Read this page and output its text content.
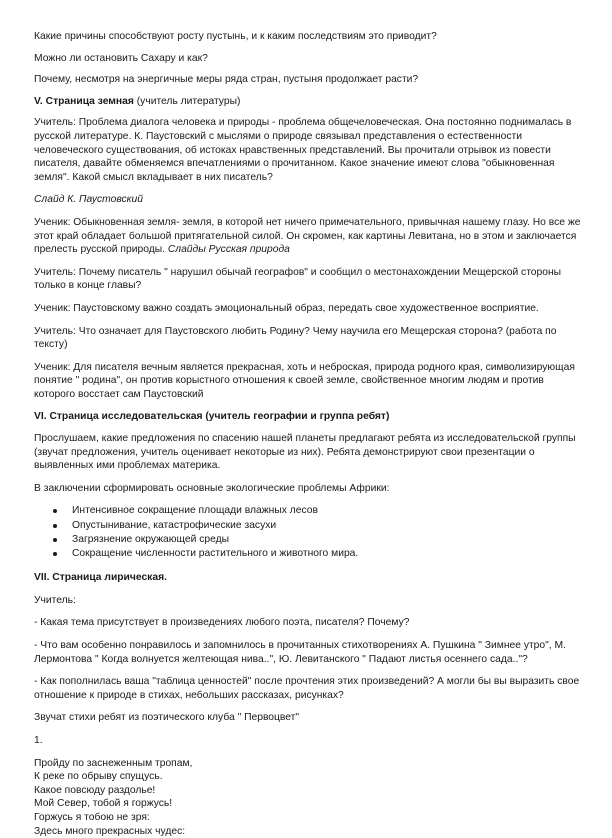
Какие причины способствуют росту пустынь, и к каким последствиям это приводит?

Можно ли остановить Сахару и как?

Почему, несмотря на энергичные меры ряда стран, пустыня продолжает расти?

V. Страница земная (учитель литературы)

Учитель: Проблема диалога человека и природы - проблема общечеловеческая. Она постоянно поднималась в русской литературе. К. Паустовский с мыслями о природе связывал представления о естественности человеческого существования, об истоках нравственных представлений. Вы прочитали отрывок из повести писателя, давайте обменяемся впечатлениями о прочитанном. Какое значение имеют слова "обыкновенная земля". Какой смысл вкладывает в них писатель?

Слайд К. Паустовский

Ученик: Обыкновенная земля- земля, в которой нет ничего примечательного, привычная нашему глазу. Но все же этот край обладает большой притягательной силой. Он скромен, как картины Левитана, но в этом и заключается прелесть русской природы. Слайды Русская природа

Учитель: Почему писатель " нарушил обычай географов" и сообщил о местонахождении Мещерской стороны только в конце главы?

Ученик: Паустовскому важно создать эмоциональный образ, передать свое художественное восприятие.

Учитель: Что означает для Паустовского любить Родину? Чему научила его Мещерская сторона? (работа по тексту)

Ученик: Для писателя вечным является прекрасная, хоть и неброская, природа родного края, символизирующая понятие " родина", он против корыстного отношения к своей земле, свойственное многим людям и против которого восстает сам Паустовский

VI. Страница исследовательская (учитель географии и группа ребят)

Прослушаем, какие предложения по спасению нашей планеты предлагают ребята из исследовательской группы (звучат предложения, учитель оценивает некоторые из них). Ребята демонстрируют свои презентации о выявленных ими проблемах материка.

В заключении сформировать основные экологические проблемы Африки:

Интенсивное сокращение площади влажных лесов
Опустынивание, катастрофические засухи
Загрязнение окружающей среды
Сокращение численности растительного и животного мира.

VII. Страница лирическая.

Учитель:

- Какая тема присутствует в произведениях любого поэта, писателя? Почему?

- Что вам особенно понравилось и запомнилось в прочитанных стихотворениях А. Пушкина " Зимнее утро", М. Лермонтова " Когда волнуется желтеющая нива..", Ю. Левитанского " Падают листья осеннего сада.."?

- Как пополнилась ваша "таблица ценностей" после прочтения этих произведений? А могли бы вы выразить свое отношение к природе в стихах, небольших рассказах, рисунках?

Звучат стихи ребят из поэтического клуба " Первоцвет"

1.

Пройду по заснеженным тропам,

К реке по обрыву спущусь.

Какое повсюду раздолье!

Мой Север, тобой я горжусь!

Горжусь я тобою не зря:

Здесь много прекрасных чудес:
